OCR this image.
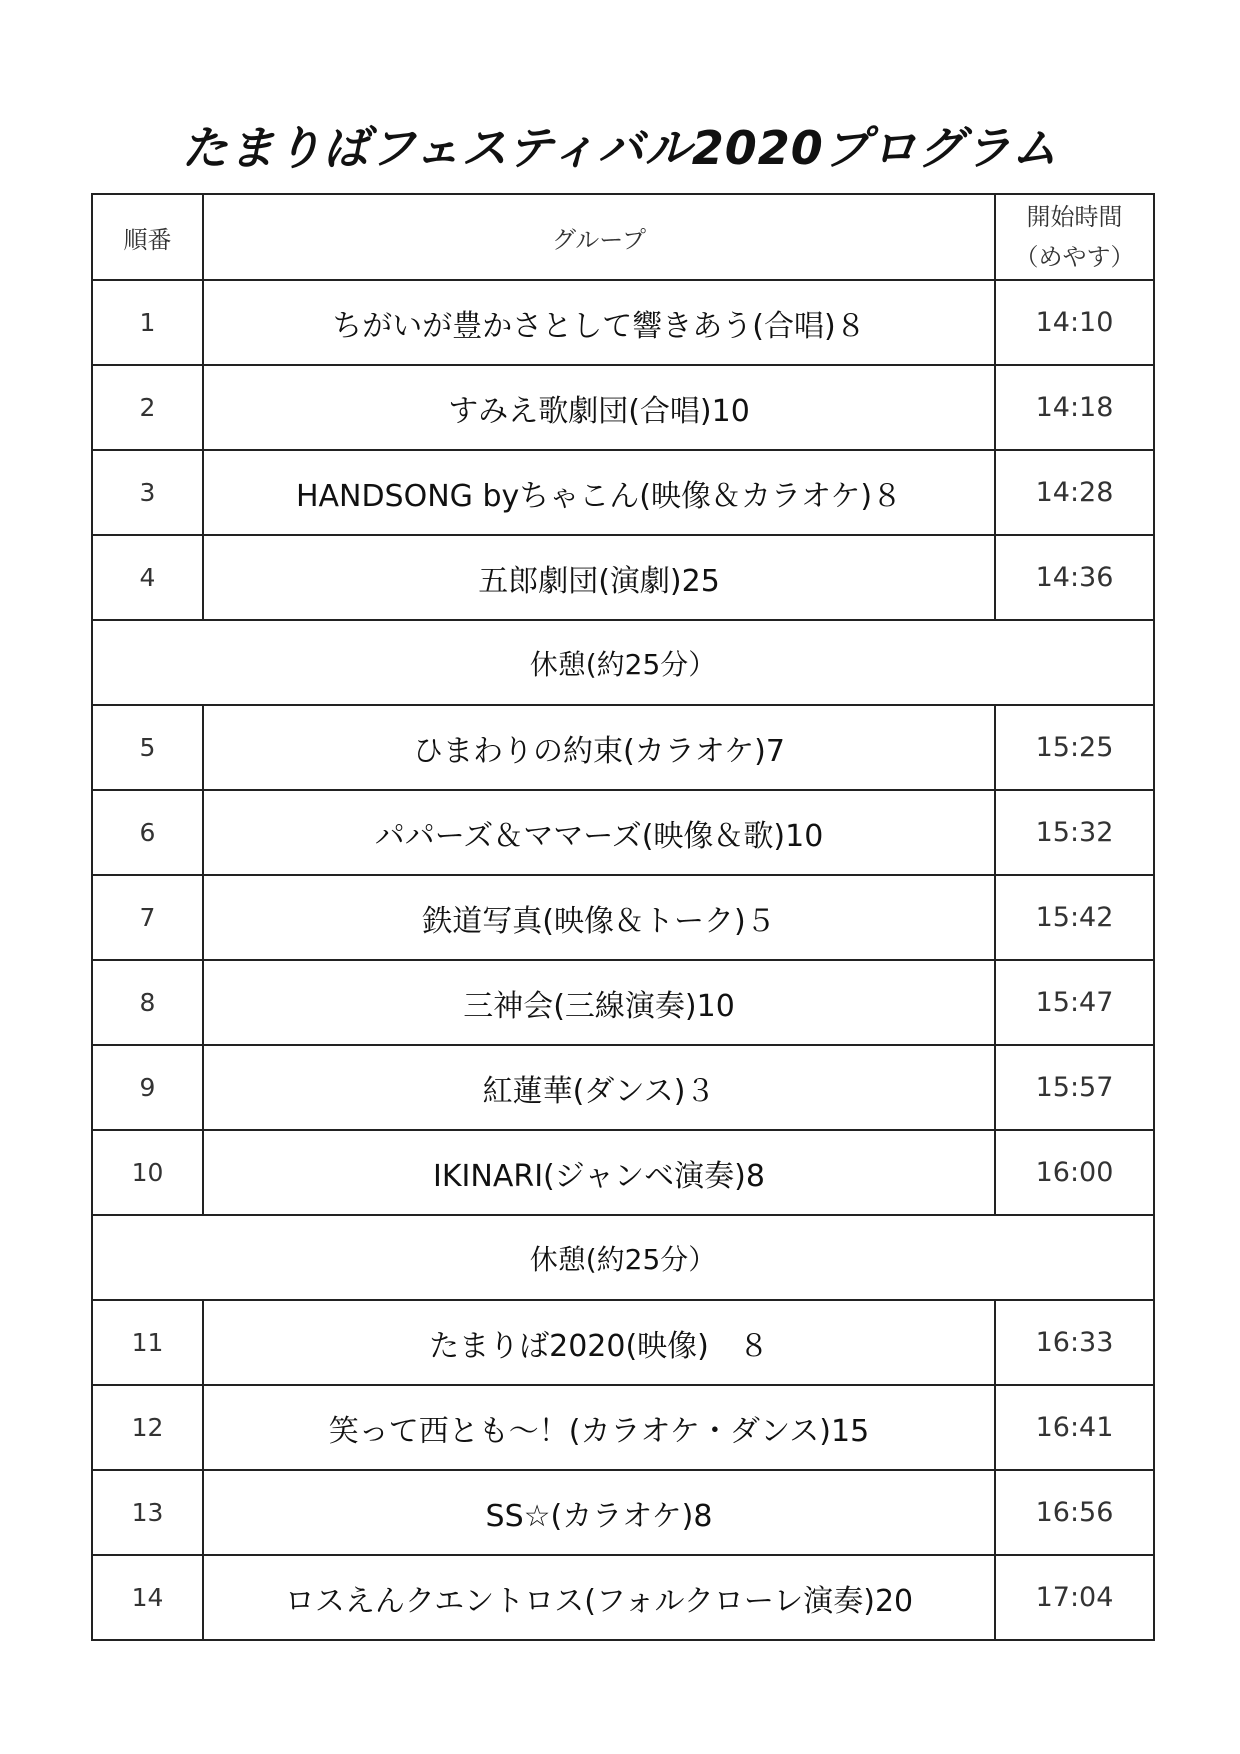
たまりばフェスティバル2020プログラム
順番	グループ	開始時間
（めやす）

1	ちがいが豊かさとして響きあう(合唱)８	14:10
2	すみえ歌劇団(合唱)10	14:18
3	HANDSONG byちゃこん(映像＆カラオケ)８	14:28
4	五郎劇団(演劇)25	14:36
休憩(約25分）		
5	ひまわりの約束(カラオケ)7	15:25
6	パパーズ＆ママーズ(映像＆歌)10	15:32
7	鉄道写真(映像＆トーク)５	15:42
8	三神会(三線演奏)10	15:47
9	紅蓮華(ダンス)３	15:57
10	IKINARI(ジャンベ演奏)8	16:00
休憩(約25分）		
11	たまりば2020(映像)　８	16:33
12	笑って西とも～！(カラオケ・ダンス)15	16:41
13	SS☆(カラオケ)8	16:56
14	ロスえんクエントロス(フォルクローレ演奏)20	17:04
